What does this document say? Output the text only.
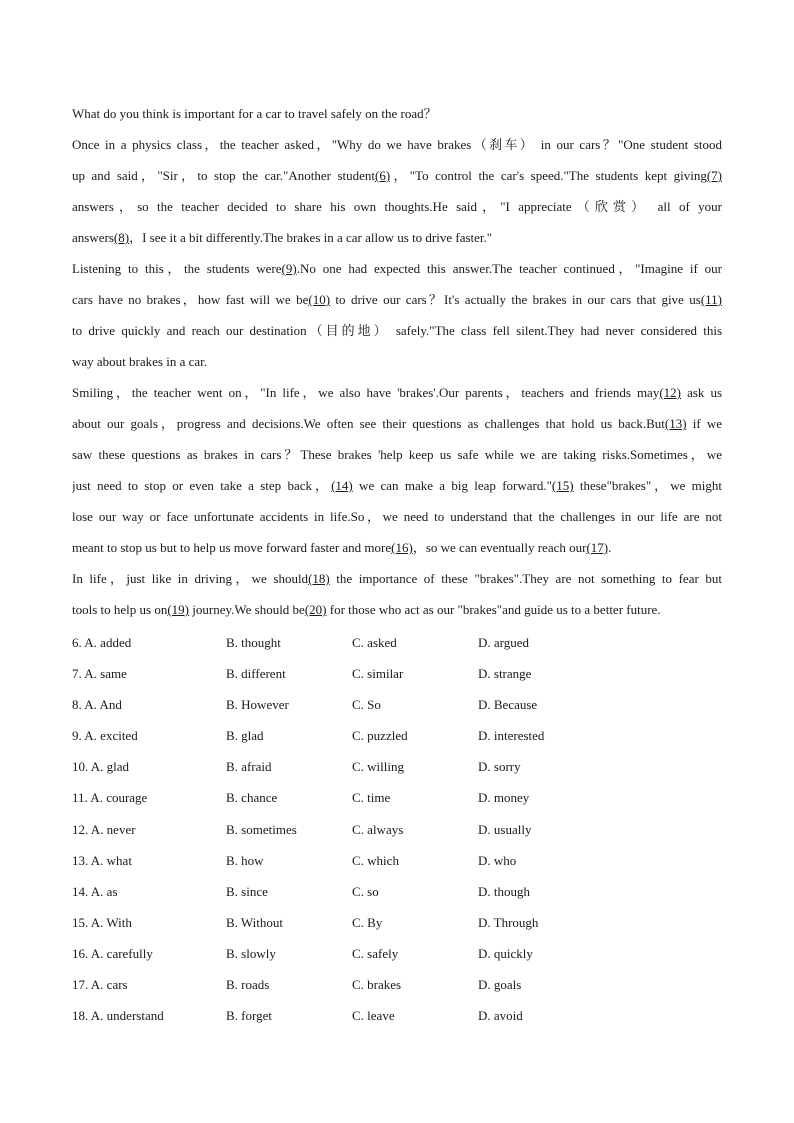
What do you think is important for a car to travel safely on the road？
Once in a physics class，the teacher asked，"Why do we have brakes（刹车） in our cars？"One student stood
up and said，"Sir，to stop the car."Another student(6)，"To control the car's speed."The students kept giving(7)
answers，so the teacher decided to share his own thoughts.He said，"I appreciate（欣赏） all of your
answers(8)，I see it a bit differently.The brakes in a car allow us to drive faster."
Listening to this，the students were(9).No one had expected this answer.The teacher continued，"Imagine if our
cars have no brakes，how fast will we be(10) to drive our cars？It's actually the brakes in our cars that give us(11)
to drive quickly and reach our destination（目的地） safely."The class fell silent.They had never considered this
way about brakes in a car.
Smiling，the teacher went on，"In life，we also have 'brakes'.Our parents，teachers and friends may(12) ask us
about our goals，progress and decisions.We often see their questions as challenges that hold us back.But(13) if we
saw these questions as brakes in cars？These brakes 'help keep us safe while we are taking risks.Sometimes，we
just need to stop or even take a step back，(14) we can make a big leap forward."(15) these"brakes"，we might
lose our way or face unfortunate accidents in life.So，we need to understand that the challenges in our life are not
meant to stop us but to help us move forward faster and more(16)，so we can eventually reach our(17).
In life，just like in driving，we should(18) the importance of these "brakes".They are not something to fear but
tools to help us on(19) journey.We should be(20) for those who act as our "brakes"and guide us to a better future.
6. A. added	B. thought	C. asked	D. argued
7. A. same	B. different	C. similar	D. strange
8. A. And	B. However	C. So	D. Because
9. A. excited	B. glad	C. puzzled	D. interested
10. A. glad	B. afraid	C. willing	D. sorry
11. A. courage	B. chance	C. time	D. money
12. A. never	B. sometimes	C. always	D. usually
13. A. what	B. how	C. which	D. who
14. A. as	B. since	C. so	D. though
15. A. With	B. Without	C. By	D. Through
16. A. carefully	B. slowly	C. safely	D. quickly
17. A. cars	B. roads	C. brakes	D. goals
18. A. understand	B. forget	C. leave	D. avoid
